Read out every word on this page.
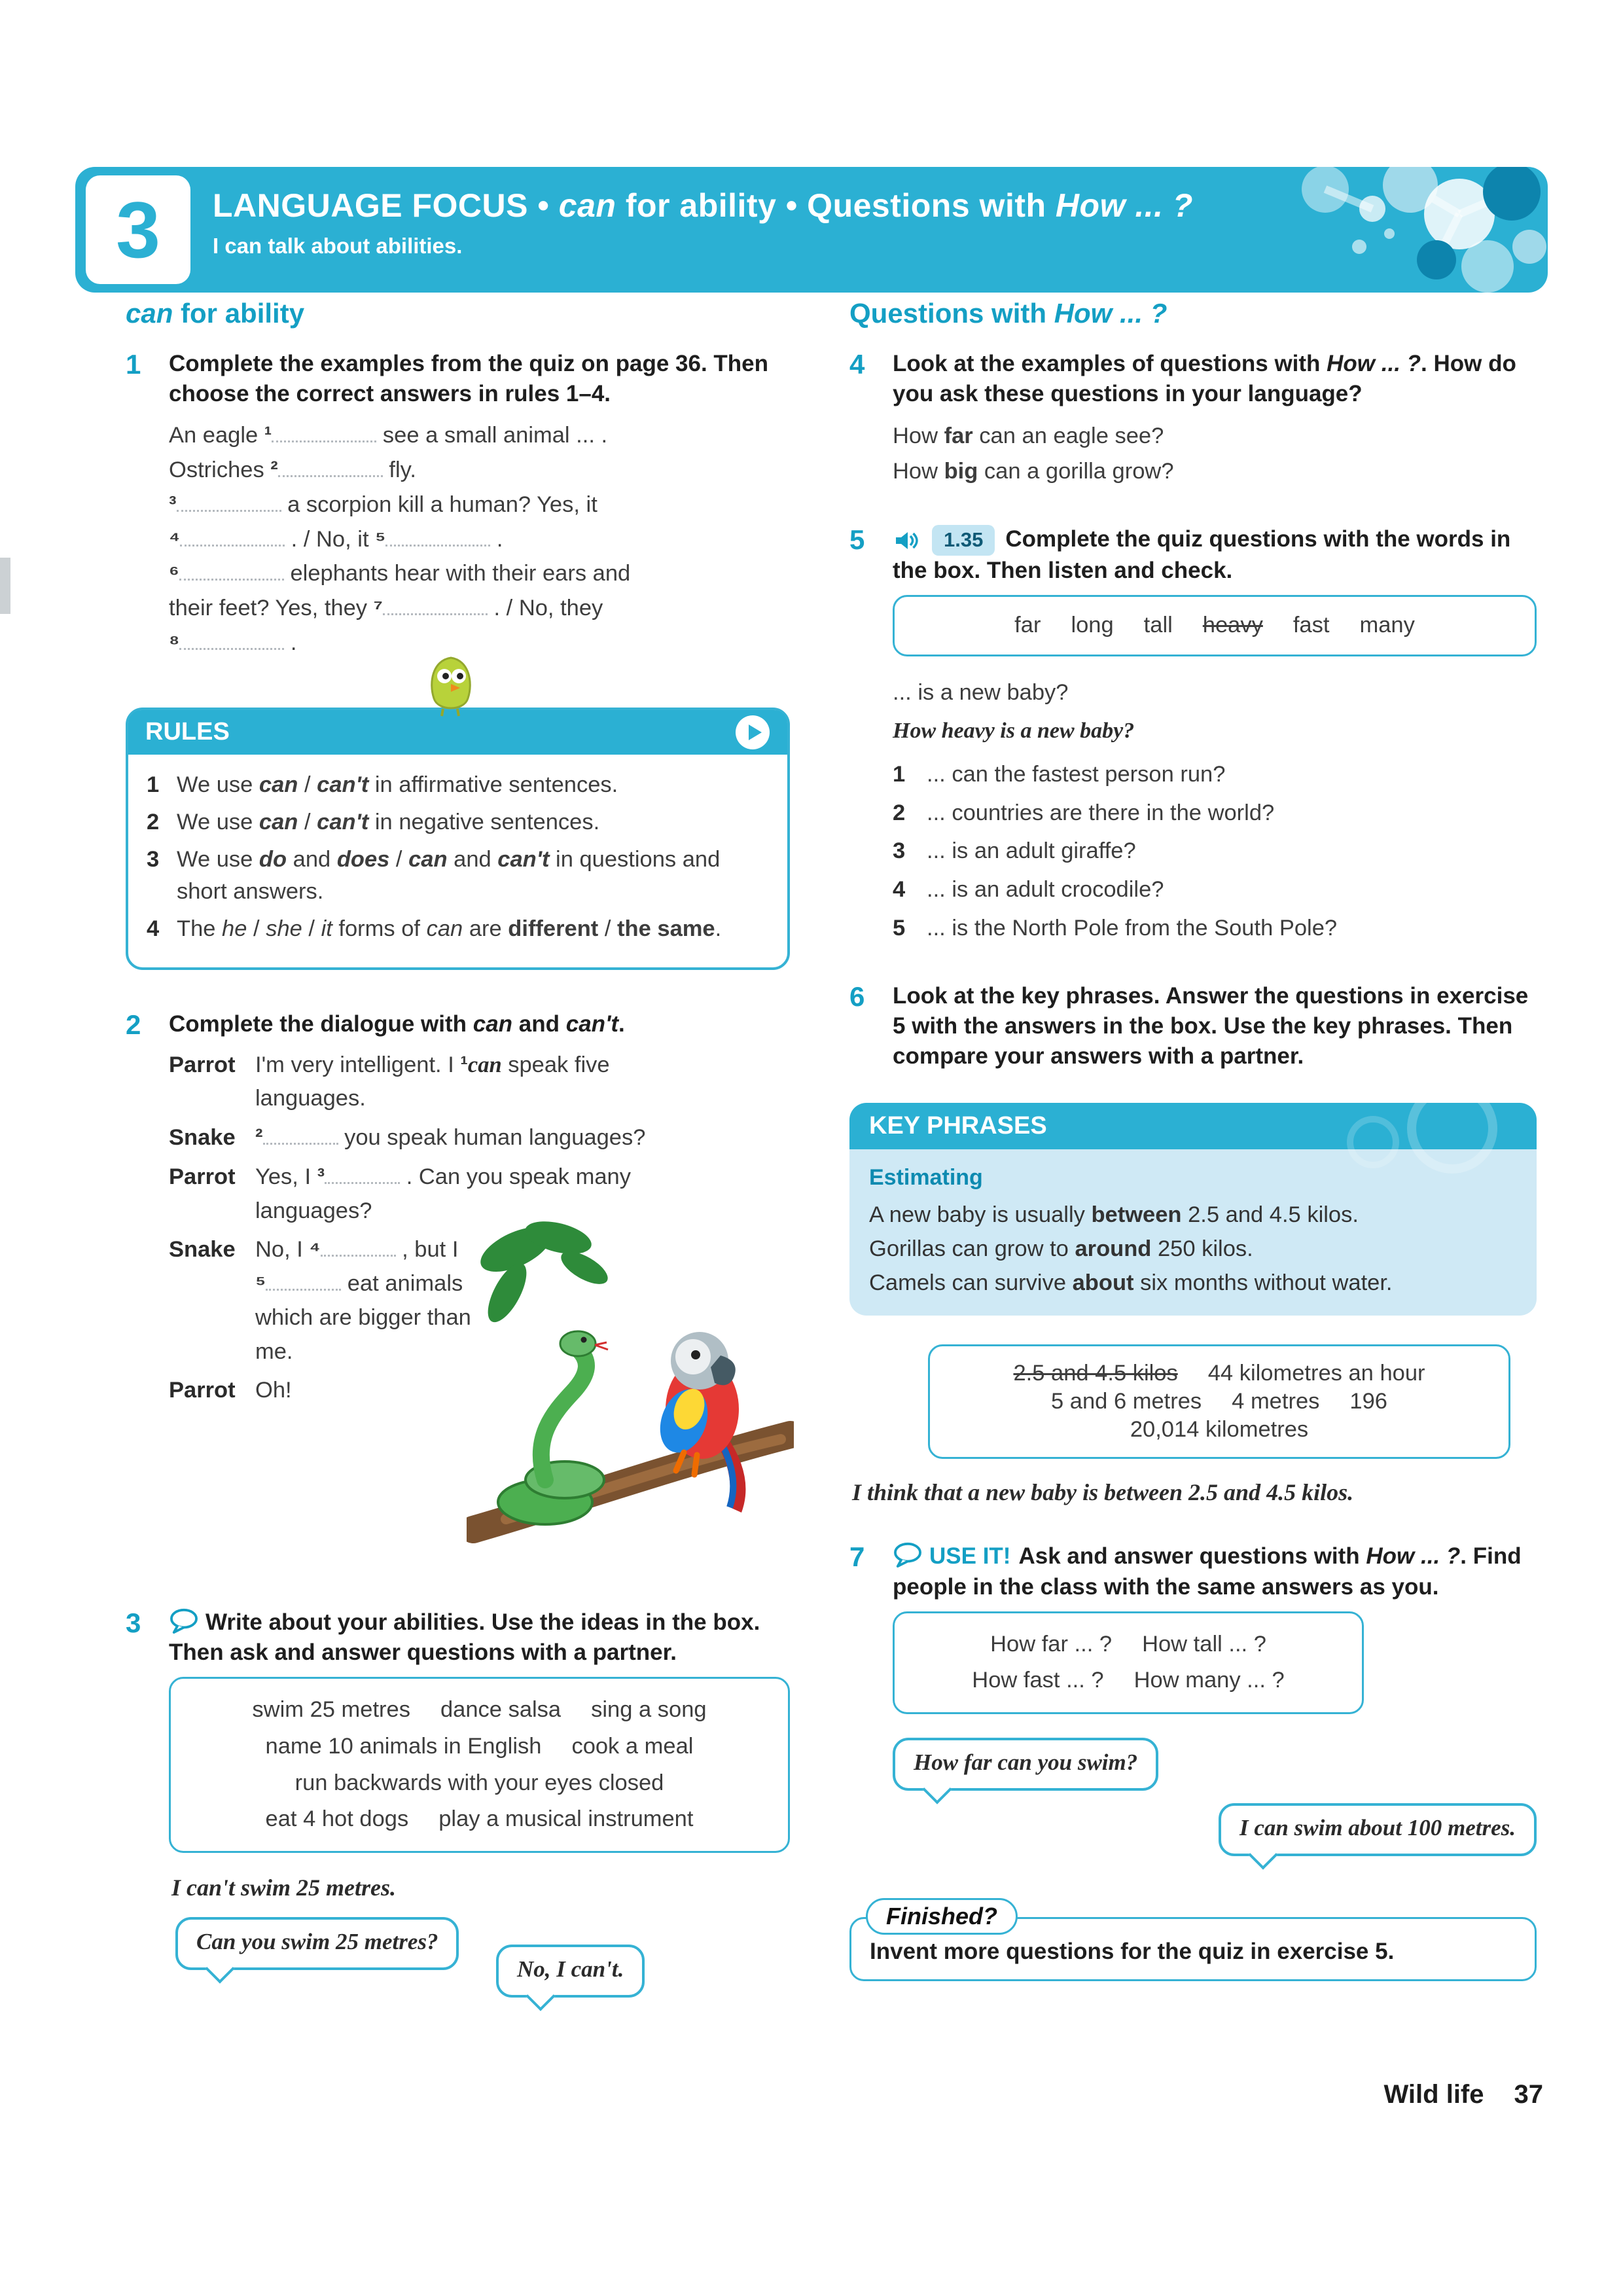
3 LANGUAGE FOCUS • can for ability • Questions with How ... ?
I can talk about abilities.
can for ability
1	Complete the examples from the quiz on page 36. Then choose the correct answers in rules 1–4.

An eagle ¹	see a small animal ... .

Ostriches ²	fly.

³	a scorpion kill a human? Yes, it

⁴	. / No, it ⁵	.

⁶	elephants hear with their ears and

their feet? Yes, they ⁷	. / No, they

⁸	.

RULES
1 We use can / can't in affirmative sentences.
2 We use can / can't in negative sentences.
3 We use do and does / can and can't in questions and short answers.
4 The he / she / it forms of can are different / the same.
2	Complete the dialogue with can and can't.

Parrot I'm very intelligent. I ¹can speak five languages.
Snake ²	you speak human languages?
Parrot Yes, I ³	. Can you speak many languages?
Snake No, I ⁴	, but I ⁵	eat animals which are bigger than me.
Parrot Oh!
3	Write about your abilities. Use the ideas in the box. Then ask and answer questions with a partner.

swim 25 metres dance salsa sing a song
name 10 animals in English cook a meal
run backwards with your eyes closed
eat 4 hot dogs play a musical instrument

I can't swim 25 metres.

Can you swim 25 metres?
No, I can't.
Questions with How ... ?
4	Look at the examples of questions with How ... ?. How do you ask these questions in your language?

How far can an eagle see?

How big can a gorilla grow?

5	1.35 Complete the quiz questions with the words in the box. Then listen and check.

far long tall heavy fast many

... is a new baby?

How heavy is a new baby?

1 ... can the fastest person run?
2 ... countries are there in the world?
3 ... is an adult giraffe?
4 ... is an adult crocodile?
5 ... is the North Pole from the South Pole?
6	Look at the key phrases. Answer the questions in exercise 5 with the answers in the box. Use the key phrases. Then compare your answers with a partner.

KEY PHRASES
Estimating
A new baby is usually between 2.5 and 4.5 kilos.
Gorillas can grow to around 250 kilos.
Camels can survive about six months without water.
2.5 and 4.5 kilos 44 kilometres an hour
5 and 6 metres 4 metres 196
20,014 kilometres

I think that a new baby is between 2.5 and 4.5 kilos.

7	USE IT! Ask and answer questions with How ... ?. Find people in the class with the same answers as you.

How far ... ? How tall ... ?
How fast ... ? How many ... ?
How far can you swim?
I can swim about 100 metres.
Finished?

Invent more questions for the quiz in exercise 5.

Wild life 37
